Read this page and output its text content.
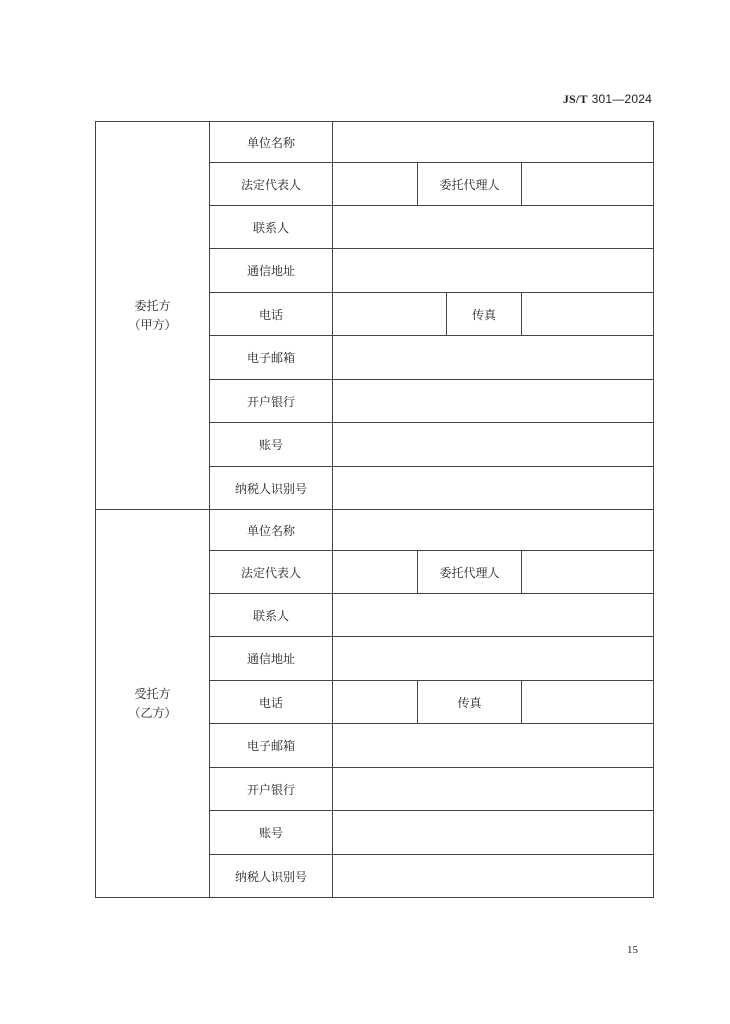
JS/T 301—2024
委托方
（甲方）	单位名称				
	法定代表人		委托代理人		
	联系人				
	通信地址				
	电话			传真	
	电子邮箱				
	开户银行				
	账号				
	纳税人识别号				

受托方
（乙方）	单位名称				
	法定代表人		委托代理人		
	联系人				
	通信地址				
	电话		传真		
	电子邮箱				
	开户银行				
	账号				
	纳税人识别号				
15
